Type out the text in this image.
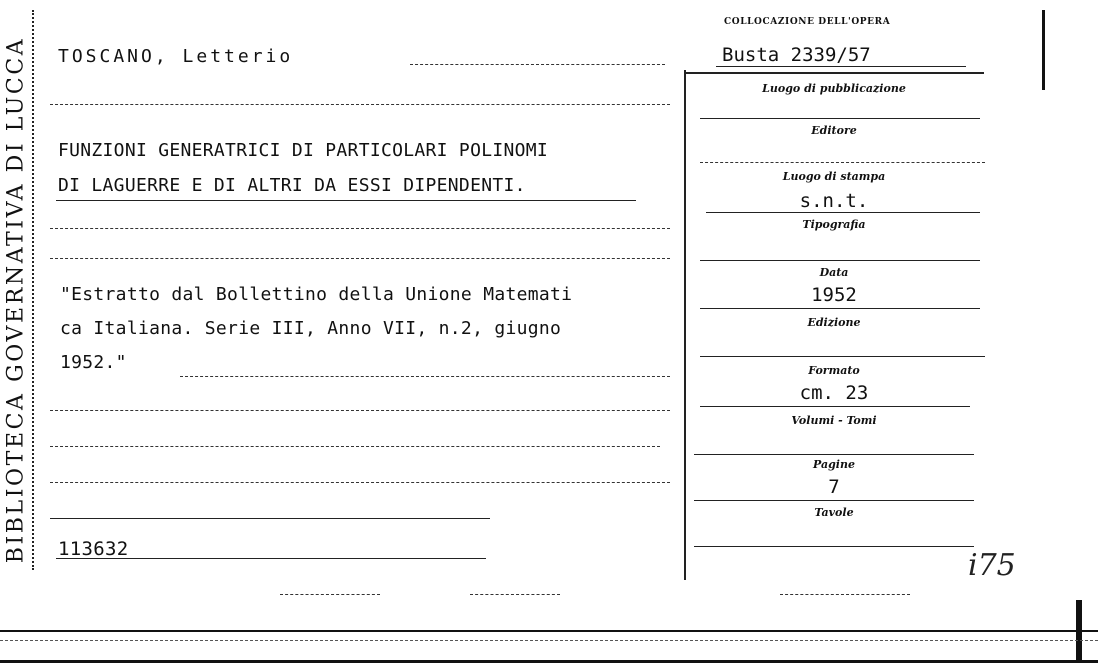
BIBLIOTECA GOVERNATIVA DI LUCCA TOSCANO, Letterio
FUNZIONI GENERATRICI DI PARTICOLARI POLINOMI
DI LAGUERRE E DI ALTRI DA ESSI DIPENDENTI.
"Estratto dal Bollettino della Unione Matemati
ca Italiana. Serie III, Anno VII, n.2, giugno
1952."
113632
COLLOCAZIONE DELL'OPERA
Busta 2339/57
Luogo di pubblicazione
Editore
Luogo di stampa
s.n.t.
Tipografia
Data
1952
Edizione
Formato
cm. 23
Volumi - Tomi
Pagine
7
Tavole
i75
